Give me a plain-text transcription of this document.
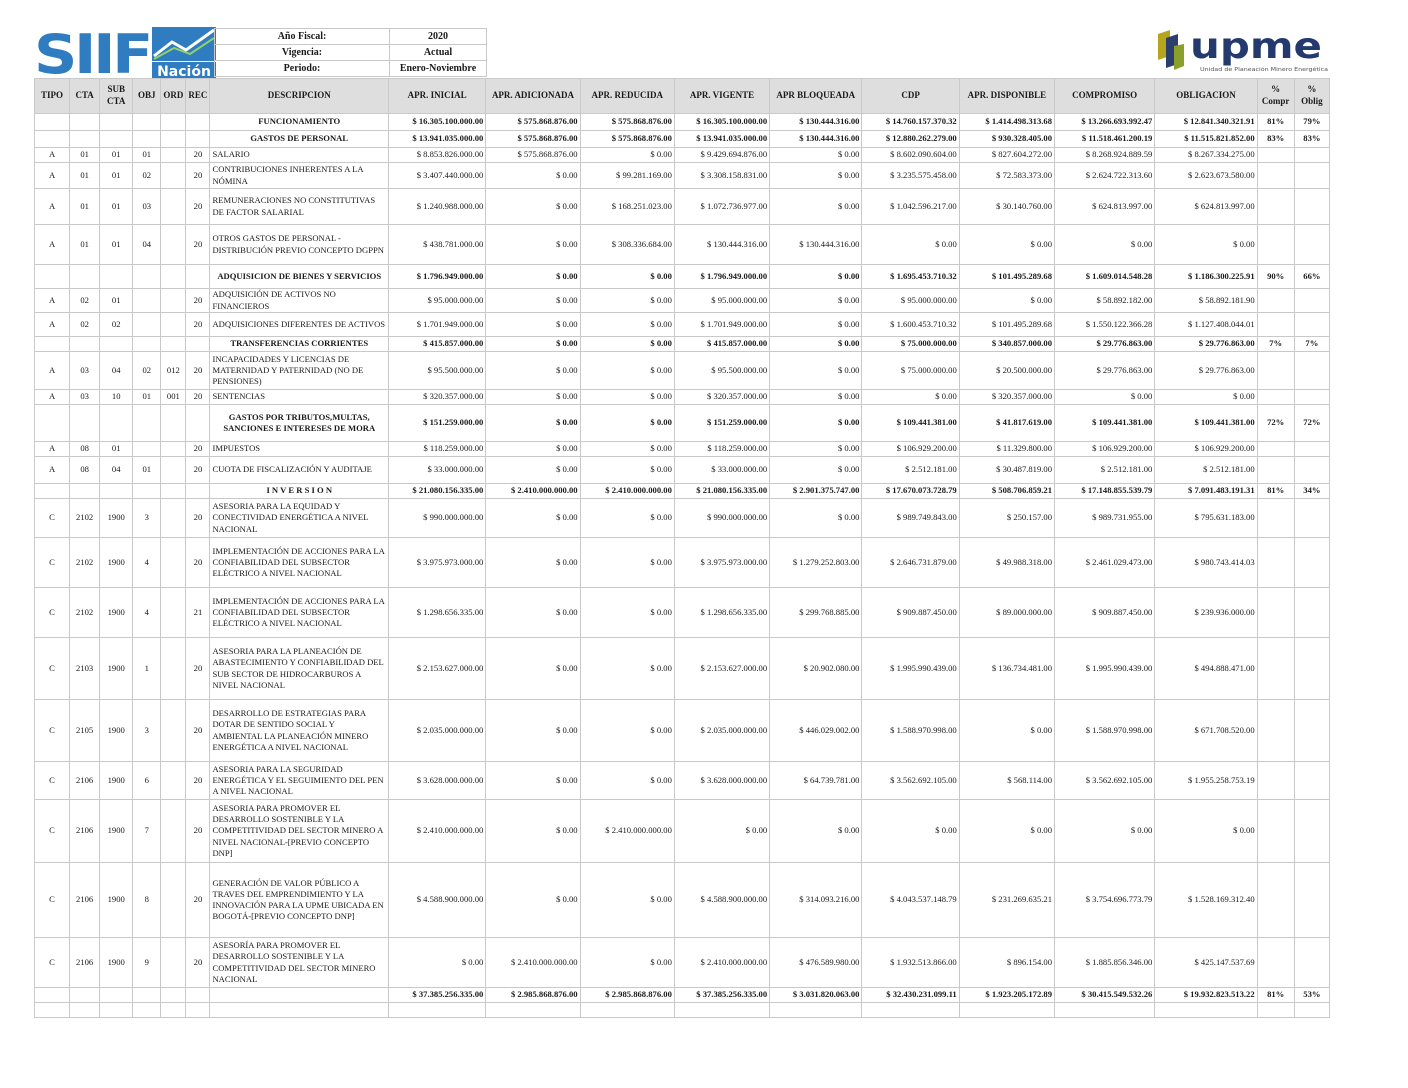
SIIF Nación
Año Fiscal:	2020
Vigencia:	Actual
Periodo:	Enero-Noviembre
upme
Unidad de Planeación Minero Energética
TIPO	CTA	SUB CTA	OBJ	ORD	REC	DESCRIPCION	APR. INICIAL	APR. ADICIONADA	APR. REDUCIDA	APR. VIGENTE	APR BLOQUEADA	CDP	APR. DISPONIBLE	COMPROMISO	OBLIGACION	% Compr	% Oblig
						FUNCIONAMIENTO	$ 16.305.100.000.00	$ 575.868.876.00	$ 575.868.876.00	$ 16.305.100.000.00	$ 130.444.316.00	$ 14.760.157.370.32	$ 1.414.498.313.68	$ 13.266.693.992.47	$ 12.841.340.321.91	81%	79%
						GASTOS DE PERSONAL	$ 13.941.035.000.00	$ 575.868.876.00	$ 575.868.876.00	$ 13.941.035.000.00	$ 130.444.316.00	$ 12.880.262.279.00	$ 930.328.405.00	$ 11.518.461.200.19	$ 11.515.821.852.00	83%	83%
A	01	01	01		20	SALARIO	$ 8.853.826.000.00	$ 575.868.876.00	$ 0.00	$ 9.429.694.876.00	$ 0.00	$ 8.602.090.604.00	$ 827.604.272.00	$ 8.268.924.889.59	$ 8.267.334.275.00		
A	01	01	02		20	CONTRIBUCIONES INHERENTES A LA NÓMINA	$ 3.407.440.000.00	$ 0.00	$ 99.281.169.00	$ 3.308.158.831.00	$ 0.00	$ 3.235.575.458.00	$ 72.583.373.00	$ 2.624.722.313.60	$ 2.623.673.580.00		
A	01	01	03		20	REMUNERACIONES NO CONSTITUTIVAS DE FACTOR SALARIAL	$ 1.240.988.000.00	$ 0.00	$ 168.251.023.00	$ 1.072.736.977.00	$ 0.00	$ 1.042.596.217.00	$ 30.140.760.00	$ 624.813.997.00	$ 624.813.997.00		
A	01	01	04		20	OTROS GASTOS DE PERSONAL - DISTRIBUCIÓN PREVIO CONCEPTO DGPPN	$ 438.781.000.00	$ 0.00	$ 308.336.684.00	$ 130.444.316.00	$ 130.444.316.00	$ 0.00	$ 0.00	$ 0.00	$ 0.00		
						ADQUISICION DE BIENES Y SERVICIOS	$ 1.796.949.000.00	$ 0.00	$ 0.00	$ 1.796.949.000.00	$ 0.00	$ 1.695.453.710.32	$ 101.495.289.68	$ 1.609.014.548.28	$ 1.186.300.225.91	90%	66%
A	02	01			20	ADQUISICIÓN DE ACTIVOS NO FINANCIEROS	$ 95.000.000.00	$ 0.00	$ 0.00	$ 95.000.000.00	$ 0.00	$ 95.000.000.00	$ 0.00	$ 58.892.182.00	$ 58.892.181.90		
A	02	02			20	ADQUISICIONES DIFERENTES DE ACTIVOS	$ 1.701.949.000.00	$ 0.00	$ 0.00	$ 1.701.949.000.00	$ 0.00	$ 1.600.453.710.32	$ 101.495.289.68	$ 1.550.122.366.28	$ 1.127.408.044.01		
						TRANSFERENCIAS CORRIENTES	$ 415.857.000.00	$ 0.00	$ 0.00	$ 415.857.000.00	$ 0.00	$ 75.000.000.00	$ 340.857.000.00	$ 29.776.863.00	$ 29.776.863.00	7%	7%
A	03	04	02	012	20	INCAPACIDADES Y LICENCIAS DE MATERNIDAD Y PATERNIDAD (NO DE PENSIONES)	$ 95.500.000.00	$ 0.00	$ 0.00	$ 95.500.000.00	$ 0.00	$ 75.000.000.00	$ 20.500.000.00	$ 29.776.863.00	$ 29.776.863.00		
A	03	10	01	001	20	SENTENCIAS	$ 320.357.000.00	$ 0.00	$ 0.00	$ 320.357.000.00	$ 0.00	$ 0.00	$ 320.357.000.00	$ 0.00	$ 0.00		
						GASTOS POR TRIBUTOS,MULTAS, SANCIONES E INTERESES DE MORA	$ 151.259.000.00	$ 0.00	$ 0.00	$ 151.259.000.00	$ 0.00	$ 109.441.381.00	$ 41.817.619.00	$ 109.441.381.00	$ 109.441.381.00	72%	72%
A	08	01			20	IMPUESTOS	$ 118.259.000.00	$ 0.00	$ 0.00	$ 118.259.000.00	$ 0.00	$ 106.929.200.00	$ 11.329.800.00	$ 106.929.200.00	$ 106.929.200.00		
A	08	04	01		20	CUOTA DE FISCALIZACIÓN Y AUDITAJE	$ 33.000.000.00	$ 0.00	$ 0.00	$ 33.000.000.00	$ 0.00	$ 2.512.181.00	$ 30.487.819.00	$ 2.512.181.00	$ 2.512.181.00		
						I N V E R S I O N	$ 21.080.156.335.00	$ 2.410.000.000.00	$ 2.410.000.000.00	$ 21.080.156.335.00	$ 2.901.375.747.00	$ 17.670.073.728.79	$ 508.706.859.21	$ 17.148.855.539.79	$ 7.091.483.191.31	81%	34%
C	2102	1900	3		20	ASESORIA PARA LA EQUIDAD Y CONECTIVIDAD ENERGÉTICA A NIVEL NACIONAL	$ 990.000.000.00	$ 0.00	$ 0.00	$ 990.000.000.00	$ 0.00	$ 989.749.843.00	$ 250.157.00	$ 989.731.955.00	$ 795.631.183.00		
C	2102	1900	4		20	IMPLEMENTACIÓN DE ACCIONES PARA LA CONFIABILIDAD DEL SUBSECTOR ELÉCTRICO A NIVEL NACIONAL	$ 3.975.973.000.00	$ 0.00	$ 0.00	$ 3.975.973.000.00	$ 1.279.252.803.00	$ 2.646.731.879.00	$ 49.988.318.00	$ 2.461.029.473.00	$ 980.743.414.03		
C	2102	1900	4		21	IMPLEMENTACIÓN DE ACCIONES PARA LA CONFIABILIDAD DEL SUBSECTOR ELÉCTRICO A NIVEL NACIONAL	$ 1.298.656.335.00	$ 0.00	$ 0.00	$ 1.298.656.335.00	$ 299.768.885.00	$ 909.887.450.00	$ 89.000.000.00	$ 909.887.450.00	$ 239.936.000.00		
C	2103	1900	1		20	ASESORIA PARA LA PLANEACIÓN DE ABASTECIMIENTO Y CONFIABILIDAD DEL SUB SECTOR DE HIDROCARBUROS A NIVEL NACIONAL	$ 2.153.627.000.00	$ 0.00	$ 0.00	$ 2.153.627.000.00	$ 20.902.080.00	$ 1.995.990.439.00	$ 136.734.481.00	$ 1.995.990.439.00	$ 494.888.471.00		
C	2105	1900	3		20	DESARROLLO DE ESTRATEGIAS PARA DOTAR DE SENTIDO SOCIAL Y AMBIENTAL LA PLANEACIÓN MINERO ENERGÉTICA A NIVEL NACIONAL	$ 2.035.000.000.00	$ 0.00	$ 0.00	$ 2.035.000.000.00	$ 446.029.002.00	$ 1.588.970.998.00	$ 0.00	$ 1.588.970.998.00	$ 671.708.520.00		
C	2106	1900	6		20	ASESORIA PARA LA SEGURIDAD ENERGÉTICA Y EL SEGUIMIENTO DEL PEN A NIVEL NACIONAL	$ 3.628.000.000.00	$ 0.00	$ 0.00	$ 3.628.000.000.00	$ 64.739.781.00	$ 3.562.692.105.00	$ 568.114.00	$ 3.562.692.105.00	$ 1.955.258.753.19		
C	2106	1900	7		20	ASESORIA PARA PROMOVER EL DESARROLLO SOSTENIBLE Y LA COMPETITIVIDAD DEL SECTOR MINERO A NIVEL NACIONAL-[PREVIO CONCEPTO DNP]	$ 2.410.000.000.00	$ 0.00	$ 2.410.000.000.00	$ 0.00	$ 0.00	$ 0.00	$ 0.00	$ 0.00	$ 0.00		
C	2106	1900	8		20	GENERACIÓN DE VALOR PÚBLICO A TRAVES DEL EMPRENDIMIENTO Y LA INNOVACIÓN PARA LA UPME UBICADA EN BOGOTÁ-[PREVIO CONCEPTO DNP]	$ 4.588.900.000.00	$ 0.00	$ 0.00	$ 4.588.900.000.00	$ 314.093.216.00	$ 4.043.537.148.79	$ 231.269.635.21	$ 3.754.696.773.79	$ 1.528.169.312.40		
C	2106	1900	9		20	ASESORÍA PARA PROMOVER EL DESARROLLO SOSTENIBLE Y LA COMPETITIVIDAD DEL SECTOR MINERO NACIONAL	$ 0.00	$ 2.410.000.000.00	$ 0.00	$ 2.410.000.000.00	$ 476.589.980.00	$ 1.932.513.866.00	$ 896.154.00	$ 1.885.856.346.00	$ 425.147.537.69		
							$ 37.385.256.335.00	$ 2.985.868.876.00	$ 2.985.868.876.00	$ 37.385.256.335.00	$ 3.031.820.063.00	$ 32.430.231.099.11	$ 1.923.205.172.89	$ 30.415.549.532.26	$ 19.932.823.513.22	81%	53%
